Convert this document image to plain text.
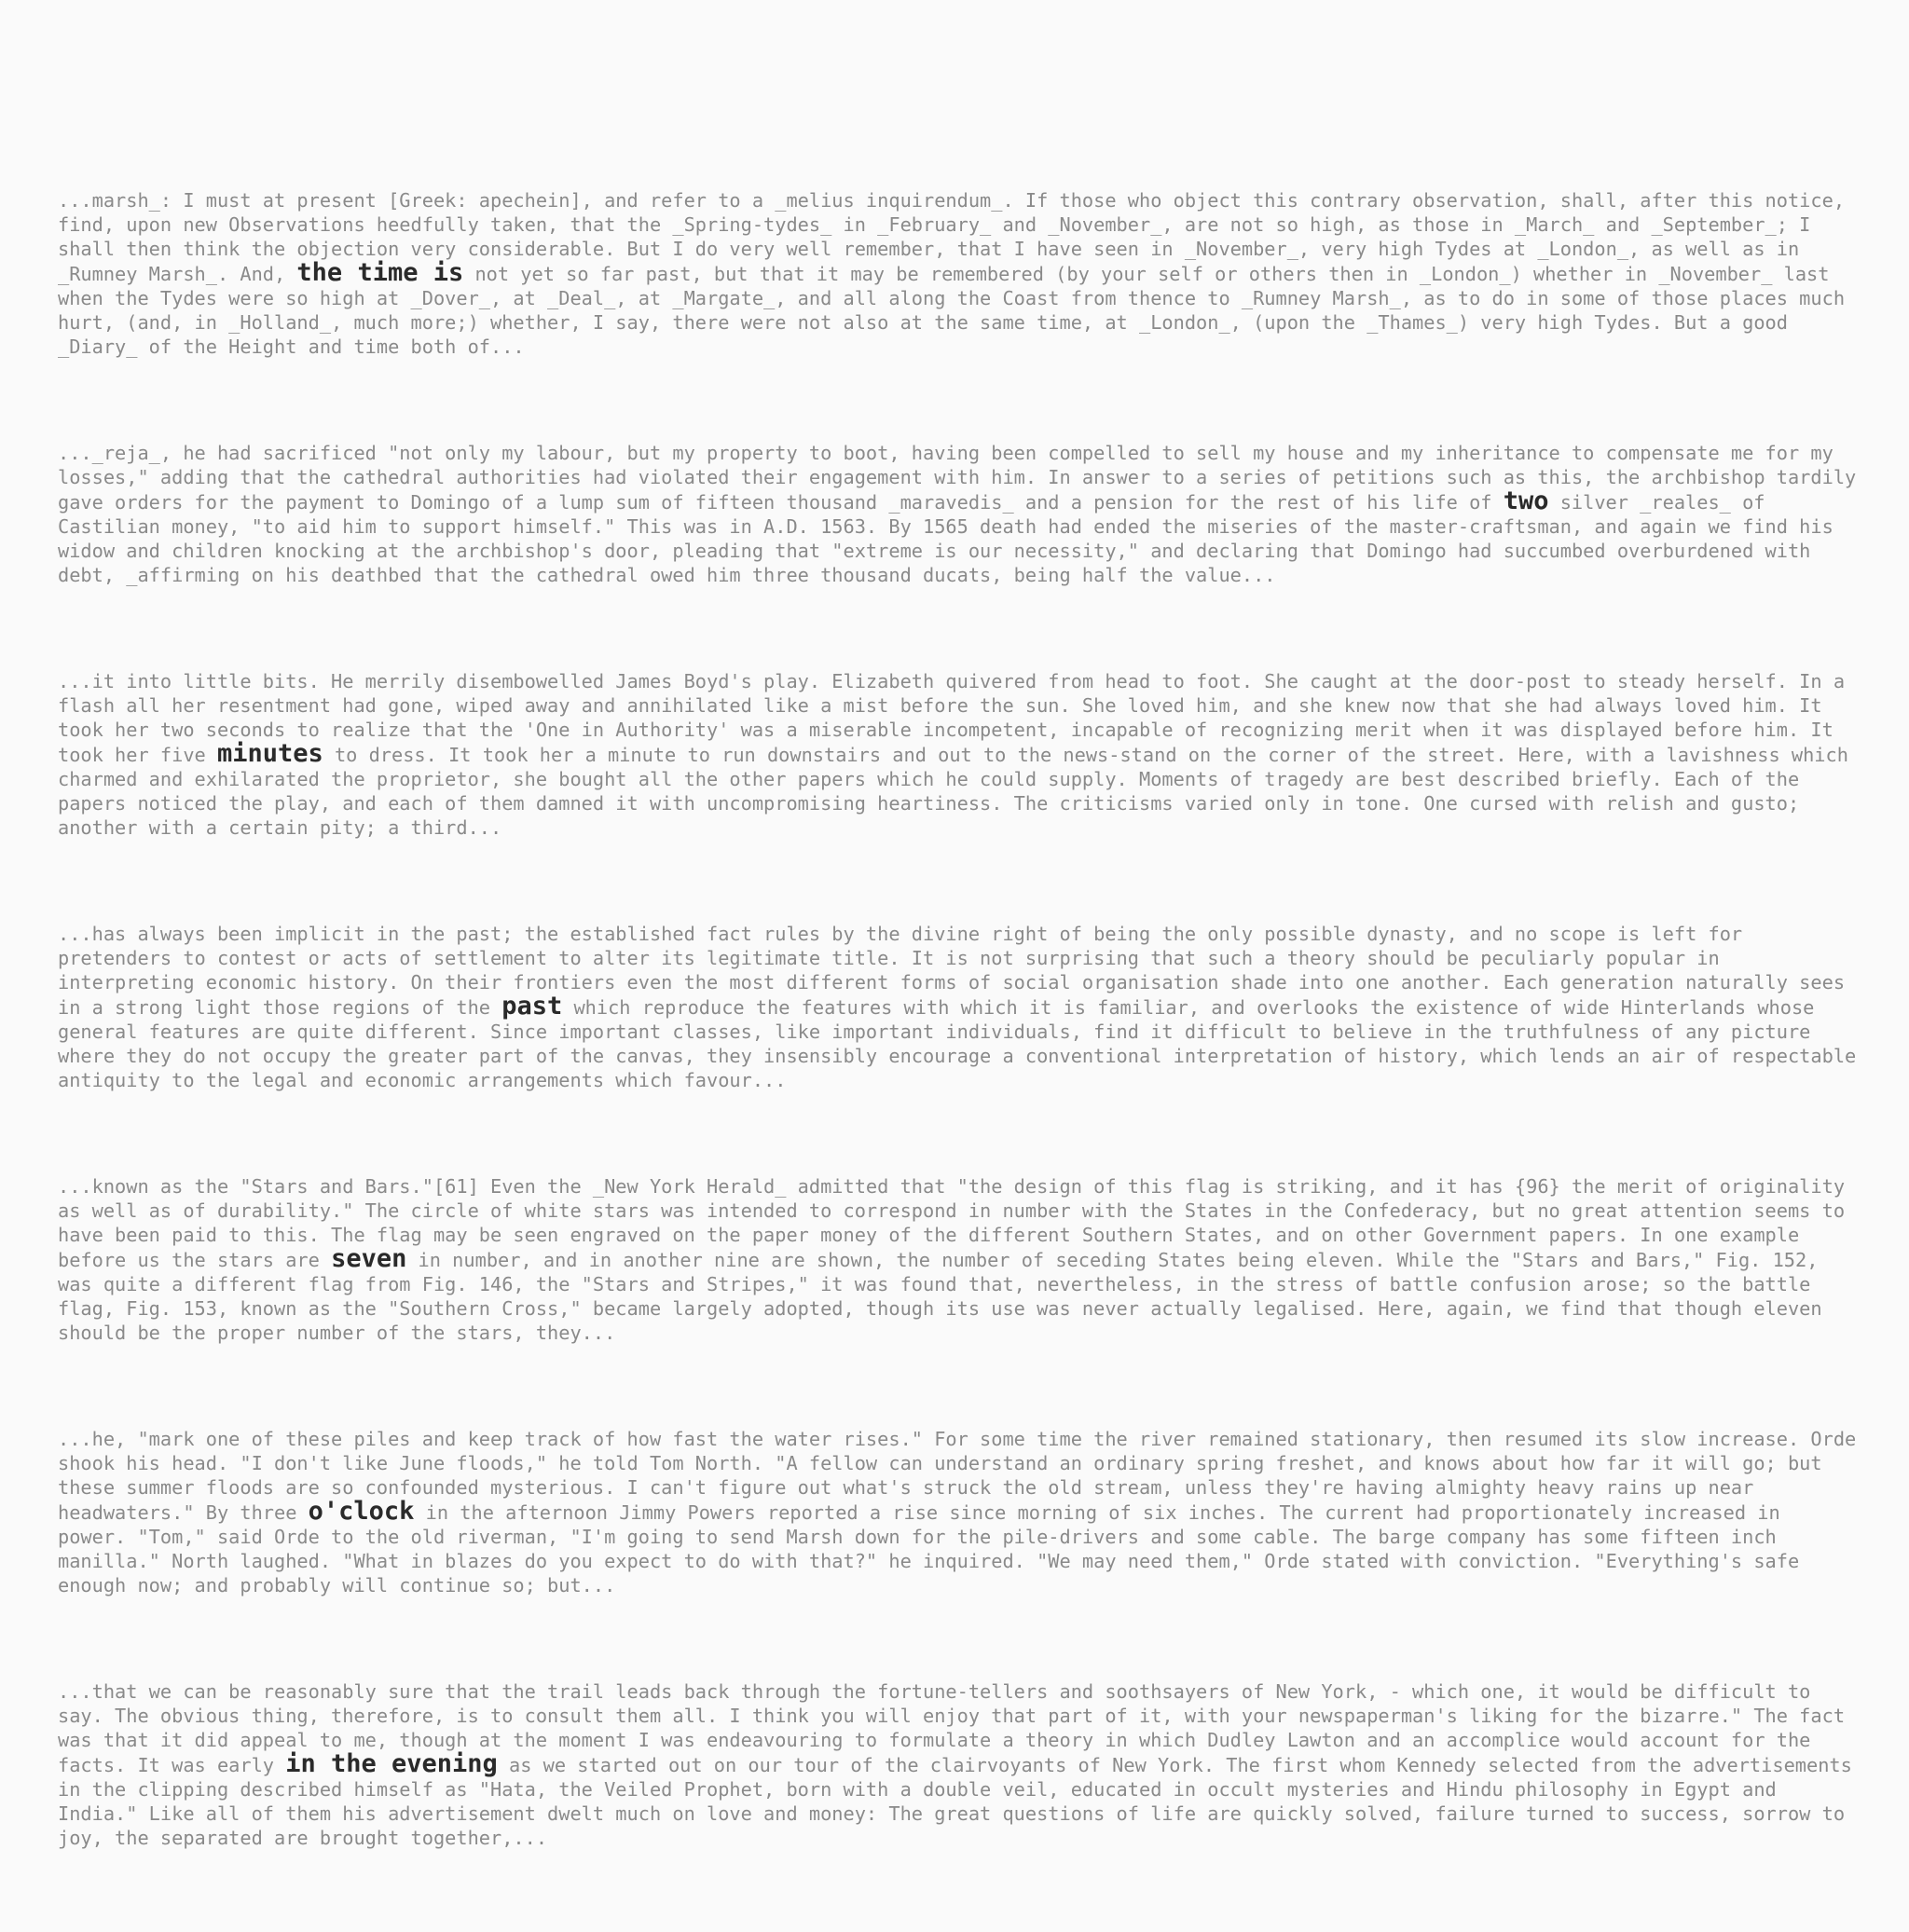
...marsh_: I must at present [Greek: apechein], and refer to a _melius inquirendum_. If those who object this contrary observation, shall, after this notice, find, upon new Observations heedfully taken, that the _Spring-tydes_ in _February_ and _November_, are not so high, as those in _March_ and _September_; I shall then think the objection very considerable. But I do very well remember, that I have seen in _November_, very high Tydes at _London_, as well as in _Rumney Marsh_. And, the time is not yet so far past, but that it may be remembered (by your self or others then in _London_) whether in _November_ last when the Tydes were so high at _Dover_, at _Deal_, at _Margate_, and all along the Coast from thence to _Rumney Marsh_, as to do in some of those places much hurt, (and, in _Holland_, much more;) whether, I say, there were not also at the same time, at _London_, (upon the _Thames_) very high Tydes. But a good _Diary_ of the Height and time both of...

..._reja_, he had sacrificed "not only my labour, but my property to boot, having been compelled to sell my house and my inheritance to compensate me for my losses," adding that the cathedral authorities had violated their engagement with him. In answer to a series of petitions such as this, the archbishop tardily gave orders for the payment to Domingo of a lump sum of fifteen thousand _maravedis_ and a pension for the rest of his life of two silver _reales_ of Castilian money, "to aid him to support himself." This was in A.D. 1563. By 1565 death had ended the miseries of the master-craftsman, and again we find his widow and children knocking at the archbishop's door, pleading that "extreme is our necessity," and declaring that Domingo had succumbed overburdened with debt, _affirming on his deathbed that the cathedral owed him three thousand ducats, being half the value...

...it into little bits. He merrily disembowelled James Boyd's play. Elizabeth quivered from head to foot. She caught at the door-post to steady herself. In a flash all her resentment had gone, wiped away and annihilated like a mist before the sun. She loved him, and she knew now that she had always loved him. It took her two seconds to realize that the 'One in Authority' was a miserable incompetent, incapable of recognizing merit when it was displayed before him. It took her five minutes to dress. It took her a minute to run downstairs and out to the news-stand on the corner of the street. Here, with a lavishness which charmed and exhilarated the proprietor, she bought all the other papers which he could supply. Moments of tragedy are best described briefly. Each of the papers noticed the play, and each of them damned it with uncompromising heartiness. The criticisms varied only in tone. One cursed with relish and gusto; another with a certain pity; a third...

...has always been implicit in the past; the established fact rules by the divine right of being the only possible dynasty, and no scope is left for pretenders to contest or acts of settlement to alter its legitimate title. It is not surprising that such a theory should be peculiarly popular in interpreting economic history. On their frontiers even the most different forms of social organisation shade into one another. Each generation naturally sees in a strong light those regions of the past which reproduce the features with which it is familiar, and overlooks the existence of wide Hinterlands whose general features are quite different. Since important classes, like important individuals, find it difficult to believe in the truthfulness of any picture where they do not occupy the greater part of the canvas, they insensibly encourage a conventional interpretation of history, which lends an air of respectable antiquity to the legal and economic arrangements which favour...

...known as the "Stars and Bars."[61] Even the _New York Herald_ admitted that "the design of this flag is striking, and it has {96} the merit of originality as well as of durability." The circle of white stars was intended to correspond in number with the States in the Confederacy, but no great attention seems to have been paid to this. The flag may be seen engraved on the paper money of the different Southern States, and on other Government papers. In one example before us the stars are seven in number, and in another nine are shown, the number of seceding States being eleven. While the "Stars and Bars," Fig. 152, was quite a different flag from Fig. 146, the "Stars and Stripes," it was found that, nevertheless, in the stress of battle confusion arose; so the battle flag, Fig. 153, known as the "Southern Cross," became largely adopted, though its use was never actually legalised. Here, again, we find that though eleven should be the proper number of the stars, they...

...he, "mark one of these piles and keep track of how fast the water rises." For some time the river remained stationary, then resumed its slow increase. Orde shook his head. "I don't like June floods," he told Tom North. "A fellow can understand an ordinary spring freshet, and knows about how far it will go; but these summer floods are so confounded mysterious. I can't figure out what's struck the old stream, unless they're having almighty heavy rains up near headwaters." By three o'clock in the afternoon Jimmy Powers reported a rise since morning of six inches. The current had proportionately increased in power. "Tom," said Orde to the old riverman, "I'm going to send Marsh down for the pile-drivers and some cable. The barge company has some fifteen inch manilla." North laughed. "What in blazes do you expect to do with that?" he inquired. "We may need them," Orde stated with conviction. "Everything's safe enough now; and probably will continue so; but...

...that we can be reasonably sure that the trail leads back through the fortune-tellers and soothsayers of New York, - which one, it would be difficult to say. The obvious thing, therefore, is to consult them all. I think you will enjoy that part of it, with your newspaperman's liking for the bizarre." The fact was that it did appeal to me, though at the moment I was endeavouring to formulate a theory in which Dudley Lawton and an accomplice would account for the facts. It was early in the evening as we started out on our tour of the clairvoyants of New York. The first whom Kennedy selected from the advertisements in the clipping described himself as "Hata, the Veiled Prophet, born with a double veil, educated in occult mysteries and Hindu philosophy in Egypt and India." Like all of them his advertisement dwelt much on love and money: The great questions of life are quickly solved, failure turned to success, sorrow to joy, the separated are brought together,...
